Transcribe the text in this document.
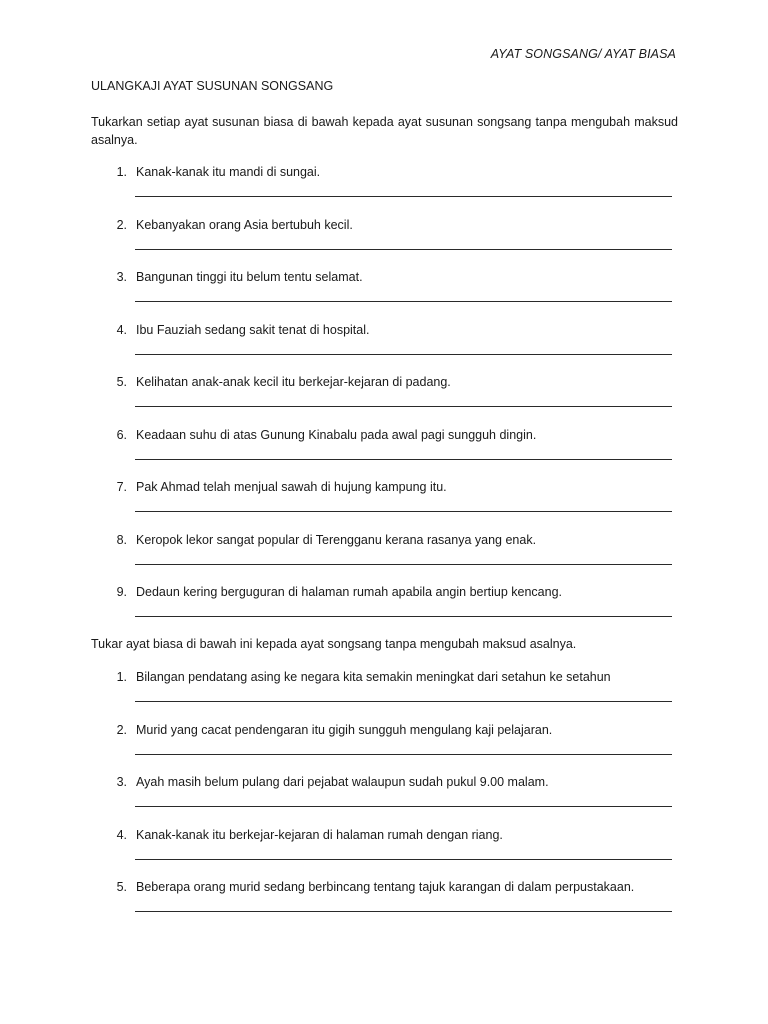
AYAT SONGSANG/ AYAT BIASA
ULANGKAJI AYAT SUSUNAN SONGSANG
Tukarkan setiap ayat susunan biasa di bawah kepada ayat susunan songsang tanpa mengubah maksud asalnya.
1. Kanak-kanak itu mandi di sungai.
2. Kebanyakan orang Asia bertubuh kecil.
3. Bangunan tinggi itu belum tentu selamat.
4. Ibu Fauziah sedang sakit tenat di hospital.
5. Kelihatan anak-anak kecil itu berkejar-kejaran di padang.
6. Keadaan suhu di atas Gunung Kinabalu pada awal pagi sungguh dingin.
7. Pak Ahmad telah menjual sawah di hujung kampung itu.
8. Keropok lekor sangat popular di Terengganu kerana rasanya yang enak.
9. Dedaun kering berguguran di halaman rumah apabila angin bertiup kencang.
Tukar ayat biasa di bawah ini kepada ayat songsang tanpa mengubah maksud asalnya.
1. Bilangan pendatang asing ke negara kita semakin meningkat dari setahun ke setahun
2. Murid yang cacat pendengaran itu gigih sungguh mengulang kaji pelajaran.
3. Ayah masih belum pulang dari pejabat walaupun sudah pukul 9.00 malam.
4. Kanak-kanak itu berkejar-kejaran di halaman rumah dengan riang.
5. Beberapa orang murid sedang berbincang tentang tajuk karangan di dalam perpustakaan.
